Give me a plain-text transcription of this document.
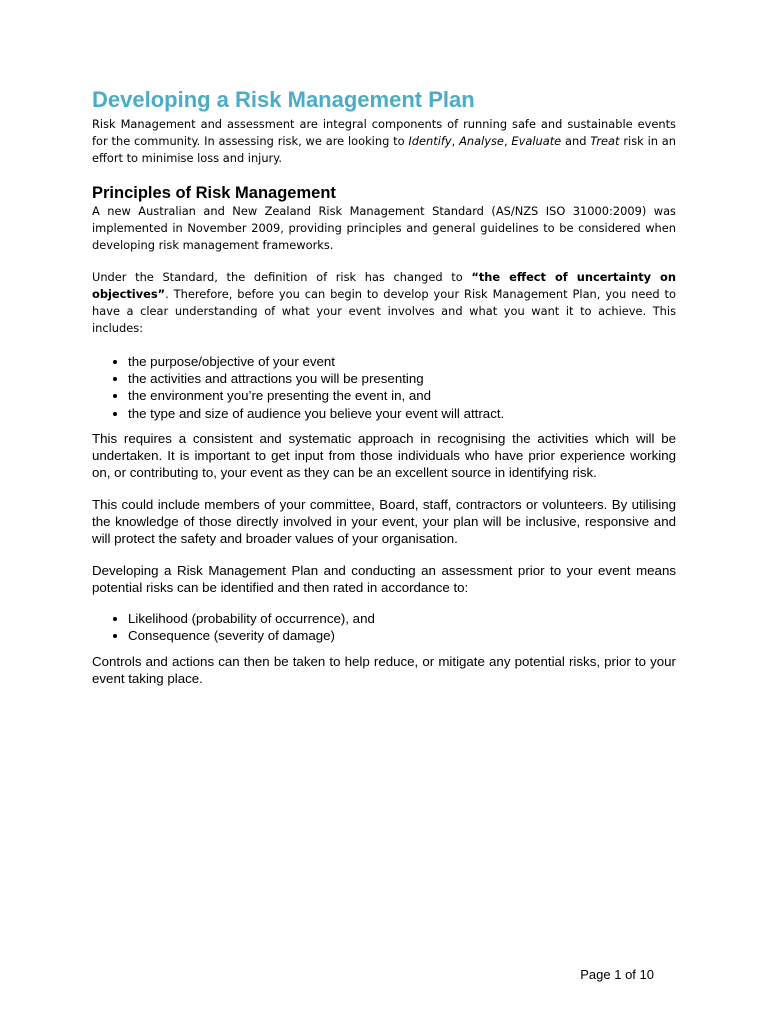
Developing a Risk Management Plan

Risk Management and assessment are integral components of running safe and sustainable events for the community. In assessing risk, we are looking to Identify, Analyse, Evaluate and Treat risk in an effort to minimise loss and injury.

Principles of Risk Management

A new Australian and New Zealand Risk Management Standard (AS/NZS ISO 31000:2009) was implemented in November 2009, providing principles and general guidelines to be considered when developing risk management frameworks.

Under the Standard, the definition of risk has changed to “the effect of uncertainty on objectives”. Therefore, before you can begin to develop your Risk Management Plan, you need to have a clear understanding of what your event involves and what you want it to achieve. This includes:

• the purpose/objective of your event
• the activities and attractions you will be presenting
• the environment you’re presenting the event in, and
• the type and size of audience you believe your event will attract.

This requires a consistent and systematic approach in recognising the activities which will be undertaken. It is important to get input from those individuals who have prior experience working on, or contributing to, your event as they can be an excellent source in identifying risk.

This could include members of your committee, Board, staff, contractors or volunteers. By utilising the knowledge of those directly involved in your event, your plan will be inclusive, responsive and will protect the safety and broader values of your organisation.

Developing a Risk Management Plan and conducting an assessment prior to your event means potential risks can be identified and then rated in accordance to:

• Likelihood (probability of occurrence), and
• Consequence (severity of damage)

Controls and actions can then be taken to help reduce, or mitigate any potential risks, prior to your event taking place.

Page 1 of 10
